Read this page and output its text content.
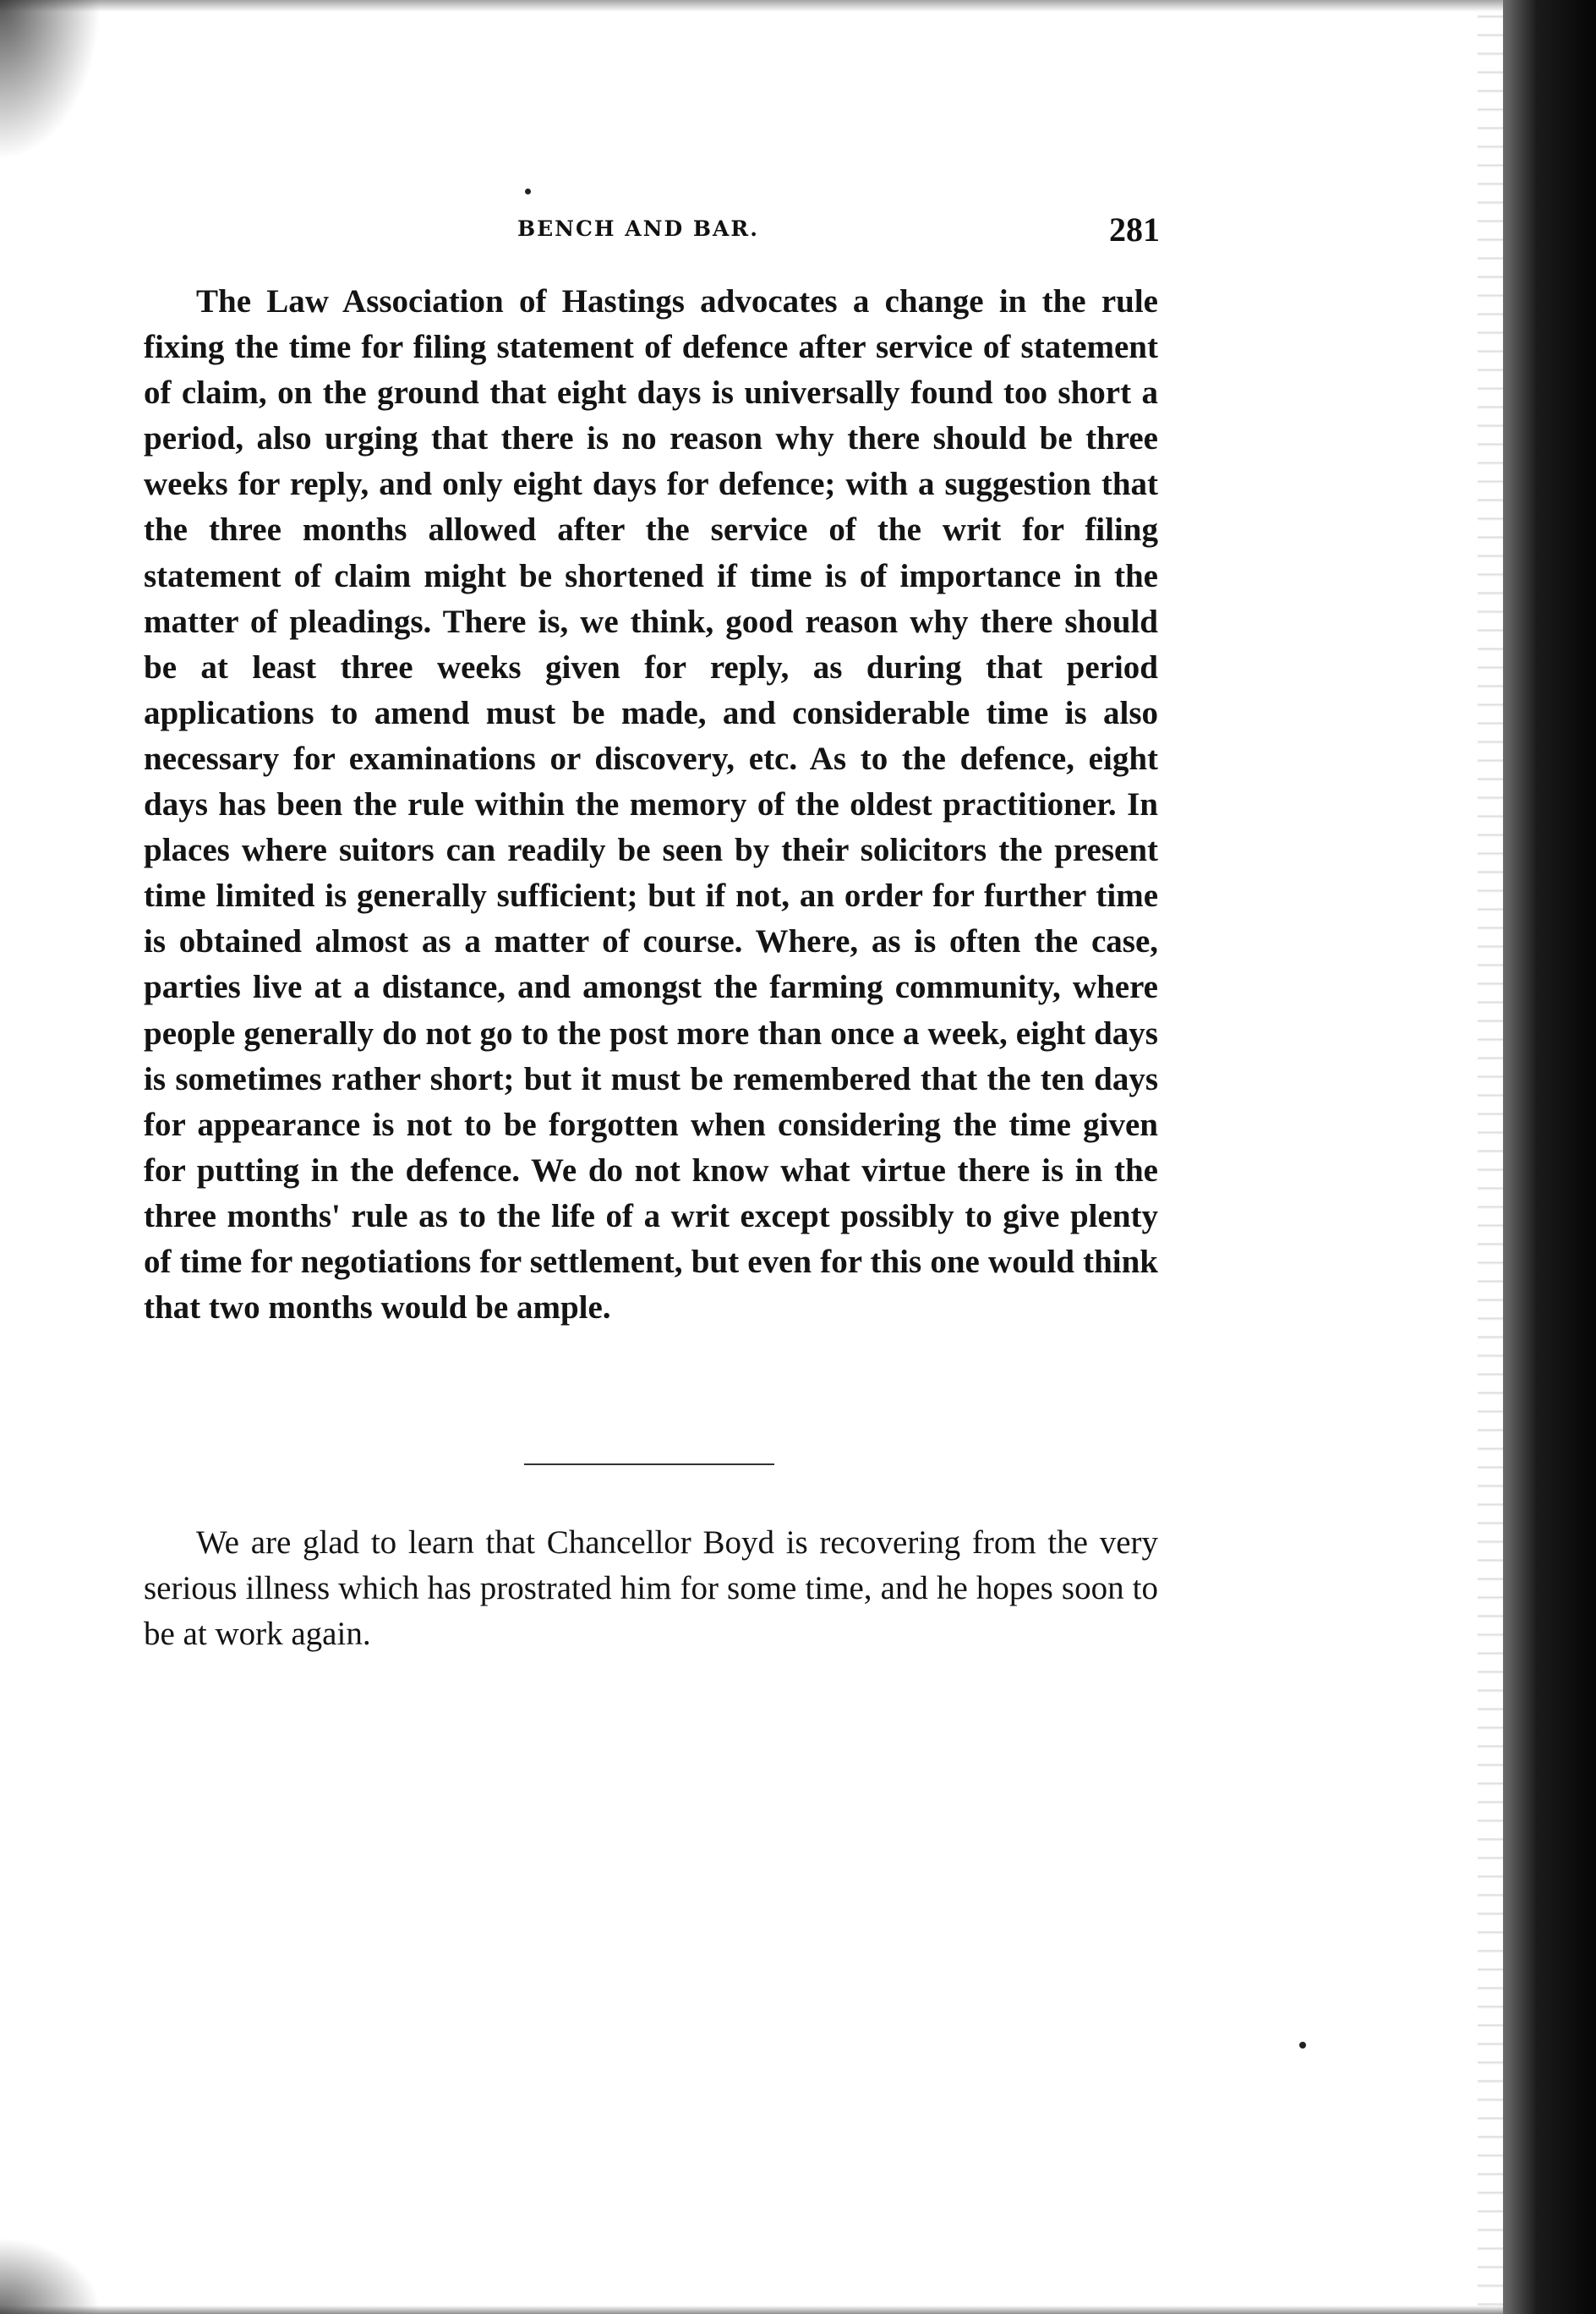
BENCH AND BAR.	281

The Law Association of Hastings advocates a change in the rule fixing the time for filing statement of defence after service of statement of claim, on the ground that eight days is universally found too short a period, also urging that there is no reason why there should be three weeks for reply, and only eight days for defence; with a suggestion that the three months allowed after the service of the writ for filing statement of claim might be shortened if time is of importance in the matter of pleadings. There is, we think, good reason why there should be at least three weeks given for reply, as during that period applications to amend must be made, and considerable time is also necessary for examinations or discovery, etc. As to the defence, eight days has been the rule within the memory of the oldest practitioner. In places where suitors can readily be seen by their solicitors the present time limited is generally sufficient; but if not, an order for further time is obtained almost as a matter of course. Where, as is often the case, parties live at a distance, and amongst the farming community, where people generally do not go to the post more than once a week, eight days is sometimes rather short; but it must be remembered that the ten days for appearance is not to be forgotten when considering the time given for putting in the defence. We do not know what virtue there is in the three months' rule as to the life of a writ except possibly to give plenty of time for negotiations for settlement, but even for this one would think that two months would be ample.

We are glad to learn that Chancellor Boyd is recovering from the very serious illness which has prostrated him for some time, and he hopes soon to be at work again.
